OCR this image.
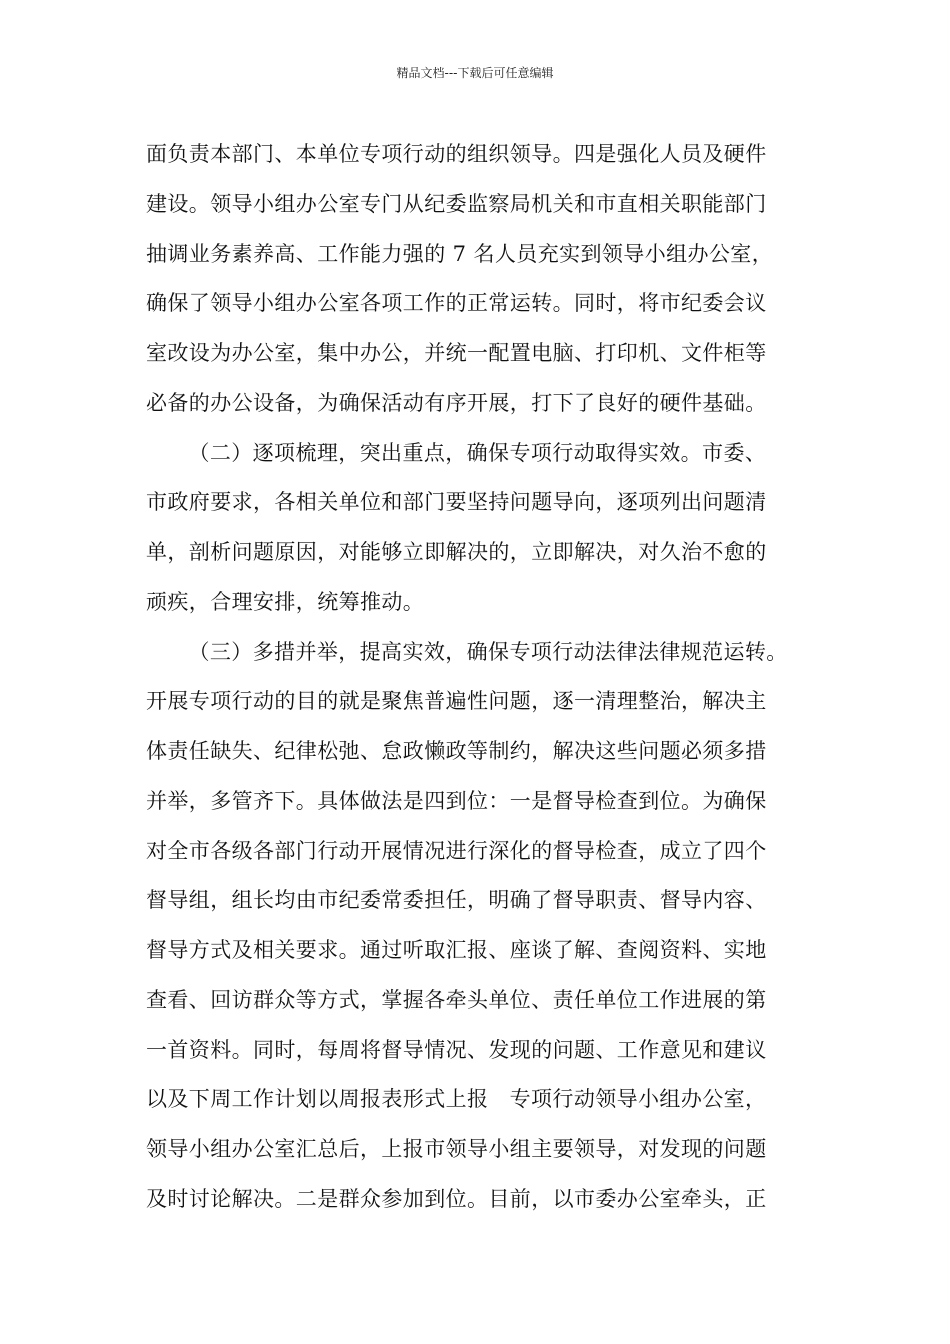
精品文档---下载后可任意编辑
面负责本部门、本单位专项行动的组织领导。四是强化人员及硬件
建设。领导小组办公室专门从纪委监察局机关和市直相关职能部门
抽调业务素养高、工作能力强的 7 名人员充实到领导小组办公室，
确保了领导小组办公室各项工作的正常运转。同时，将市纪委会议
室改设为办公室，集中办公，并统一配置电脑、打印机、文件柜等
必备的办公设备，为确保活动有序开展，打下了良好的硬件基础。
（二）逐项梳理，突出重点，确保专项行动取得实效。市委、
市政府要求，各相关单位和部门要坚持问题导向，逐项列出问题清
单，剖析问题原因，对能够立即解决的，立即解决，对久治不愈的
顽疾，合理安排，统筹推动。
（三）多措并举，提高实效，确保专项行动法律法律规范运转。
开展专项行动的目的就是聚焦普遍性问题，逐一清理整治，解决主
体责任缺失、纪律松弛、怠政懒政等制约，解决这些问题必须多措
并举，多管齐下。具体做法是四到位：一是督导检查到位。为确保
对全市各级各部门行动开展情况进行深化的督导检查，成立了四个
督导组，组长均由市纪委常委担任，明确了督导职责、督导内容、
督导方式及相关要求。通过听取汇报、座谈了解、查阅资料、实地
查看、回访群众等方式，掌握各牵头单位、责任单位工作进展的第
一首资料。同时，每周将督导情况、发现的问题、工作意见和建议
以及下周工作计划以周报表形式上报   专项行动领导小组办公室，
领导小组办公室汇总后，上报市领导小组主要领导，对发现的问题
及时讨论解决。二是群众参加到位。目前，以市委办公室牵头，正
